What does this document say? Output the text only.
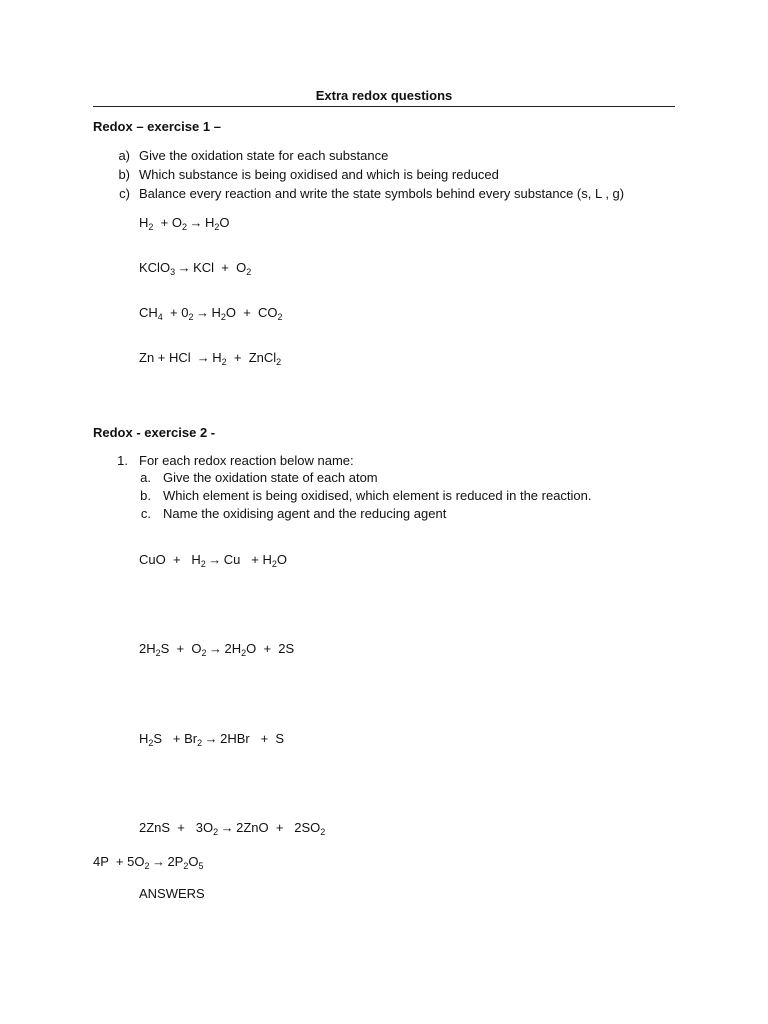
Extra redox questions
Redox – exercise 1 –
a) Give the oxidation state for each substance
b) Which substance is being oxidised and which is being reduced
c) Balance every reaction and write the state symbols behind every substance (s, L , g)
$H_2 + O_2 \to H_2O$
KClO$_3$ → KCl  +  $O_2$
$CH_4 + 0_2 \to H_2O + CO_2$
Zn + HCl → $H_2$  +  ZnCl$_2$
Redox - exercise 2 -
1. For each redox reaction below name:
a. Give the oxidation state of each atom
b. Which element is being oxidised, which element is reduced in the reaction.
c. Name the oxidising agent and the reducing agent
CuO  +   $H_2 \to Cu + H_2O$
$2H_2S + O_2 \to 2H_2O + 2S$
$H_2S + Br_2 \to 2HBr + S$
$2ZnS + 3O_2 \to 2ZnO + 2SO_2$
$4P + 5O_2 \to 2P_2O_5$
ANSWERS
